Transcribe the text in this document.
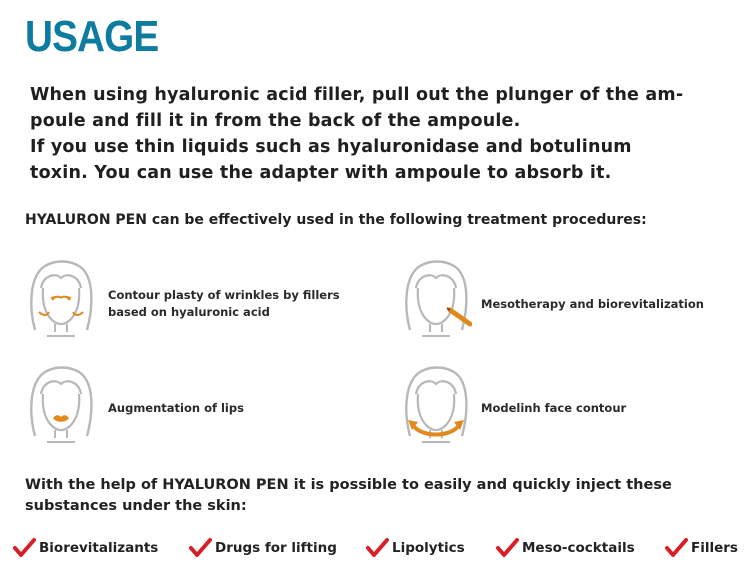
USAGE
When using hyaluronic acid filler, pull out the plunger of the am-
poule and fill it in from the back of the ampoule.
If you use thin liquids such as hyaluronidase and botulinum
toxin. You can use the adapter with ampoule to absorb it.
HYALURON PEN can be effectively used in the following treatment procedures:
Contour plasty of wrinkles by fillers
based on hyaluronic acid
Mesotherapy and biorevitalization
Augmentation of lips	Modelinh face contour
With the help of HYALURON PEN it is possible to easily and quickly inject these
substances under the skin:
Biorevitalizants	Drugs for lifting	Lipolytics	Meso-cocktails	Fillers
